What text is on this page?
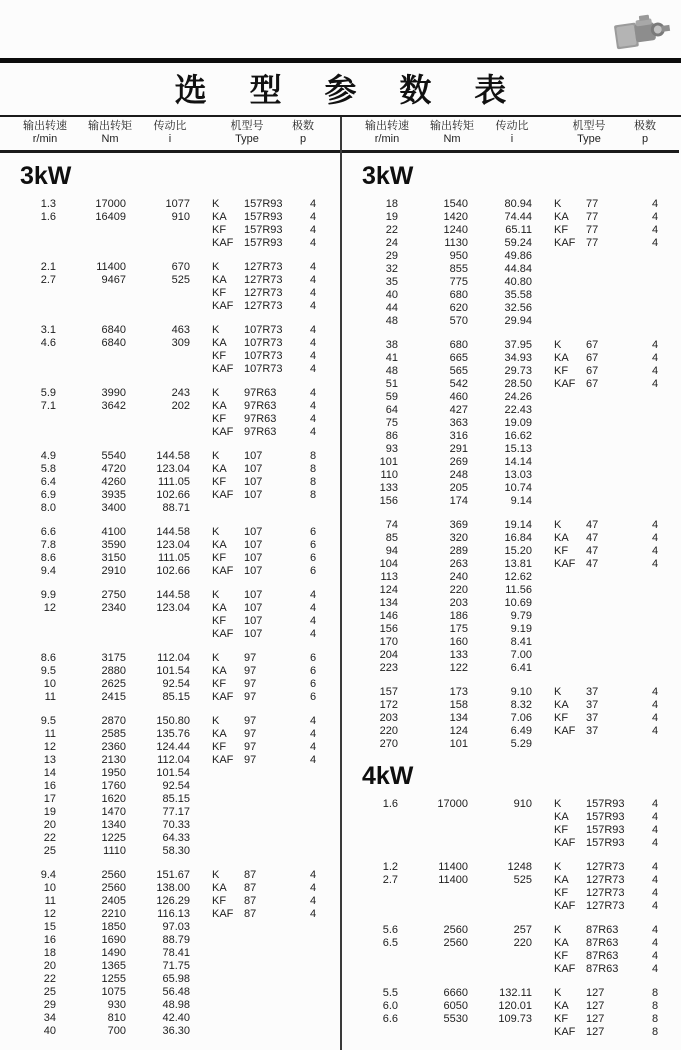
选 型 参 数 表
输出转速
r/min
输出转矩
Nm
传动比
i
机型号
Type
极数
p
3kW
1.3	17000	1077 K	157R93	4
1.6	16409	910 KA	157R93	4
KF	157R93	4
KAF 157R93	4
2.1	11400	670 K	127R73	4
2.7	9467	525 KA	127R73	4
KF	127R73	4
KAF 127R73	4
3.1	6840	463 K	107R73	4
4.6	6840	309 KA	107R73	4
KF	107R73	4
KAF 107R73	4
5.9	3990	243 K	97R63	4
7.1	3642	202 KA	97R63	4
KF	97R63	4
KAF 97R63	4
4.9	5540	144.58 K	107	8
5.8	4720	123.04 KA	107	8
6.4	4260	111.05 KF	107	8
6.9	3935	102.66 KAF 107	8
8.0	3400	88.71
6.6	4100	144.58 K	107	6
7.8	3590	123.04 KA	107	6
8.6	3150	111.05 KF	107	6
9.4	2910	102.66 KAF 107	6
9.9	2750	144.58 K	107	4
12	2340	123.04 KA	107	4
KF	107	4
KAF 107	4
8.6	3175	112.04 K	97	6
9.5	2880	101.54 KA	97	6
10	2625	92.54 KF	97	6
11	2415	85.15 KAF 97	6
9.5	2870	150.80 K	97	4
11	2585	135.76 KA	97	4
12	2360	124.44 KF	97	4
13	2130	112.04 KAF 97	4
14	1950	101.54
16	1760	92.54
17	1620	85.15
19	1470	77.17
20	1340	70.33
22	1225	64.33
25	1110	58.30
9.4	2560	151.67 K	87	4
10	2560	138.00 KA	87	4
11	2405	126.29 KF	87	4
12	2210	116.13 KAF 87	4
15	1850	97.03
16	1690	88.79
18	1490	78.41
20	1365	71.75
22	1255	65.98
25	1075	56.48
29	930	48.98
34	810	42.40
40	700	36.30
输出转速
r/min
输出转矩
Nm
传动比
i
机型号
Type
极数
p
3kW
18	1540	80.94 K	77	4
19	1420	74.44 KA	77	4
22	1240	65.11 KF	77	4
24	1130	59.24 KAF 77	4
29	950	49.86
32	855	44.84
35	775	40.80
40	680	35.58
44	620	32.56
48	570	29.94
38	680	37.95 K	67	4
41	665	34.93 KA	67	4
48	565	29.73 KF	67	4
51	542	28.50 KAF 67	4
59	460	24.26
64	427	22.43
75	363	19.09
86	316	16.62
93	291	15.13
101	269	14.14
110	248	13.03
133	205	10.74
156	174	9.14
74	369	19.14 K	47	4
85	320	16.84 KA	47	4
94	289	15.20 KF	47	4
104	263	13.81 KAF 47	4
113	240	12.62
124	220	11.56
134	203	10.69
146	186	9.79
156	175	9.19
170	160	8.41
204	133	7.00
223	122	6.41
157	173	9.10 K	37	4
172	158	8.32 KA	37	4
203	134	7.06 KF	37	4
220	124	6.49 KAF 37	4
270	101	5.29
4kW
1.6	17000	910 K	157R93	4
KA	157R93	4
KF	157R93	4
KAF 157R93	4
1.2	11400	1248 K	127R73	4
2.7	11400	525 KA	127R73	4
KF	127R73	4
KAF 127R73	4
5.6	2560	257 K	87R63	4
6.5	2560	220 KA	87R63	4
KF	87R63	4
KAF 87R63	4
5.5	6660	132.11 K	127	8
6.0	6050	120.01 KA	127	8
6.6	5530	109.73 KF	127	8
KAF 127	8
